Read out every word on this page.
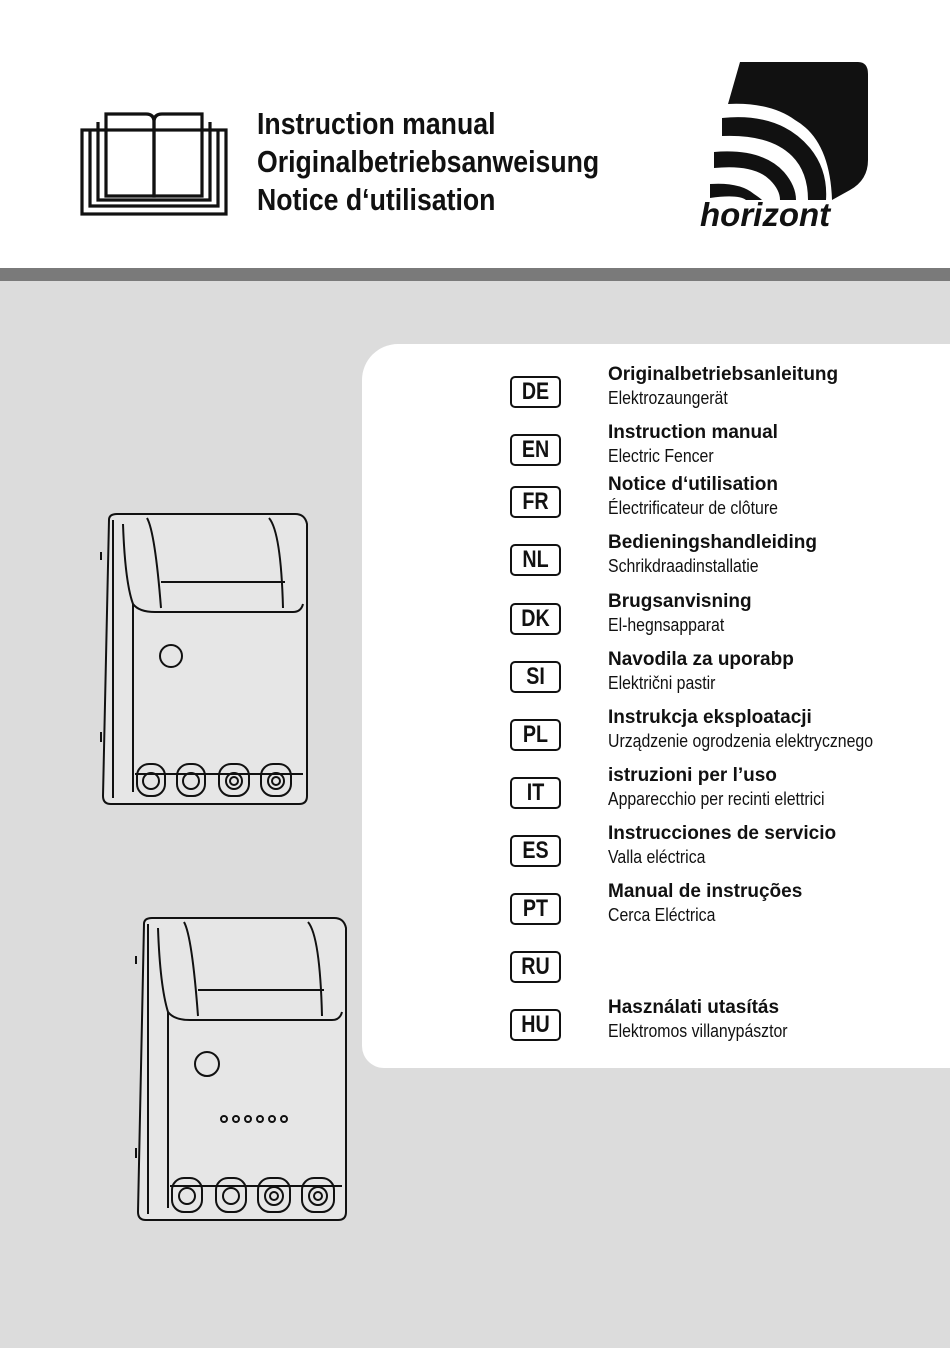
Instruction manual
Originalbetriebsanweisung
Notice d‘utilisation	horizont
DE
Originalbetriebsanleitung
Elektrozaungerät
EN
Instruction manual
Electric Fencer
FR
Notice d‘utilisation
Électrificateur de clôture
NL
Bedieningshandleiding
Schrikdraadinstallatie
DK
Brugsanvisning
El-hegnsapparat
SI
Navodila za uporabp
Električni pastir
PL
Instrukcja eksploatacji
Urządzenie ogrodzenia elektrycznego
IT
istruzioni per l’uso
Apparecchio per recinti elettrici
ES
Instrucciones de servicio
Valla eléctrica
PT
Manual de instruções
Cerca Eléctrica
RU
HU
Használati utasítás
Elektromos villanypásztor
